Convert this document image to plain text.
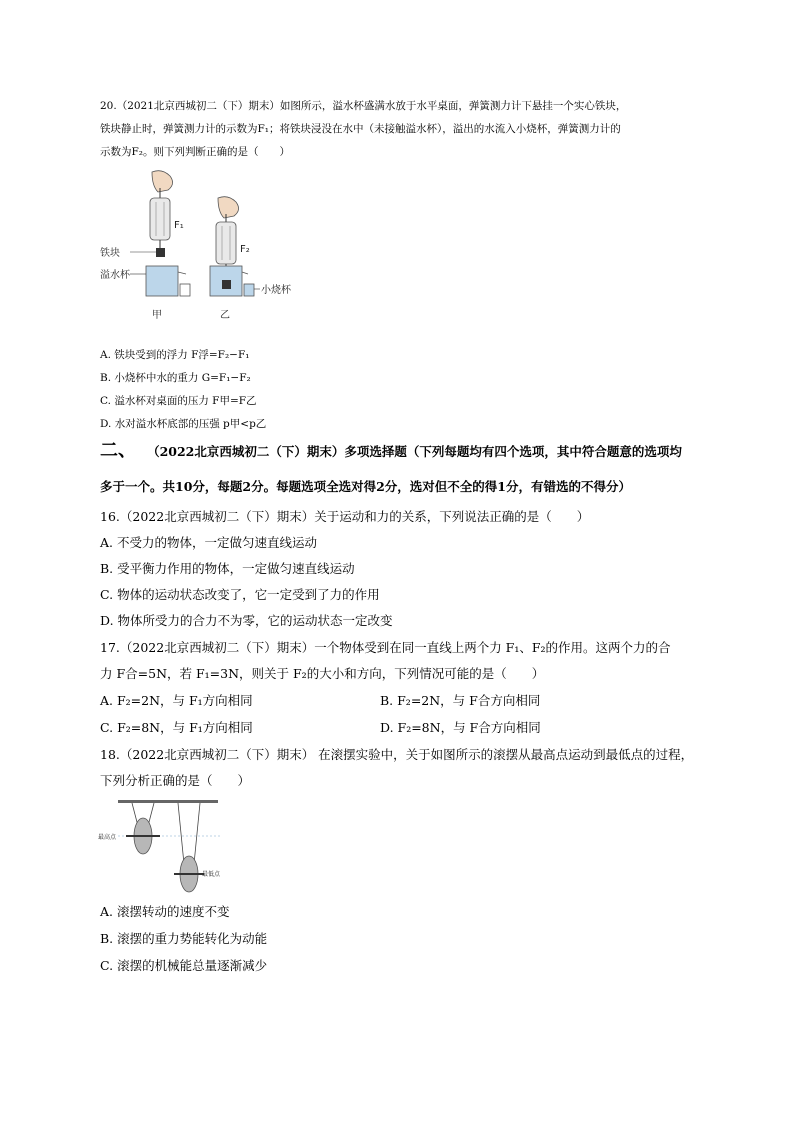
20.（2021北京西城初二（下）期末）如图所示，溢水杯盛满水放于水平桌面，弹簧测力计下悬挂一个实心铁块，
铁块静止时，弹簧测力计的示数为F₁；将铁块浸没在水中（未接触溢水杯），溢出的水流入小烧杯，弹簧测力计的
示数为F₂。则下列判断正确的是（　　）
F₁
铁块
溢水杯
甲
F₂
小烧杯
乙
A. 铁块受到的浮力 F浮=F₂−F₁
B. 小烧杯中水的重力 G=F₁−F₂
C. 溢水杯对桌面的压力 F甲=F乙
D. 水对溢水杯底部的压强 p甲<p乙
二、 （2022北京西城初二（下）期末）多项选择题（下列每题均有四个选项，其中符合题意的选项均
多于一个。共10分，每题2分。每题选项全选对得2分，选对但不全的得1分，有错选的不得分）
16.（2022北京西城初二（下）期末）关于运动和力的关系，下列说法正确的是（　　）
A. 不受力的物体，一定做匀速直线运动
B. 受平衡力作用的物体，一定做匀速直线运动
C. 物体的运动状态改变了，它一定受到了力的作用
D. 物体所受力的合力不为零，它的运动状态一定改变
17.（2022北京西城初二（下）期末）一个物体受到在同一直线上两个力 F₁、F₂的作用。这两个力的合
力 F合=5N，若 F₁=3N，则关于 F₂的大小和方向，下列情况可能的是（　　）
A. F₂=2N，与 F₁方向相同	B. F₂=2N，与 F合方向相同
C. F₂=8N，与 F₁方向相同	D. F₂=8N，与 F合方向相同
18.（2022北京西城初二（下）期末） 在滚摆实验中，关于如图所示的滚摆从最高点运动到最低点的过程，
下列分析正确的是（　　）
最高点
最低点
A. 滚摆转动的速度不变
B. 滚摆的重力势能转化为动能
C. 滚摆的机械能总量逐渐减少
